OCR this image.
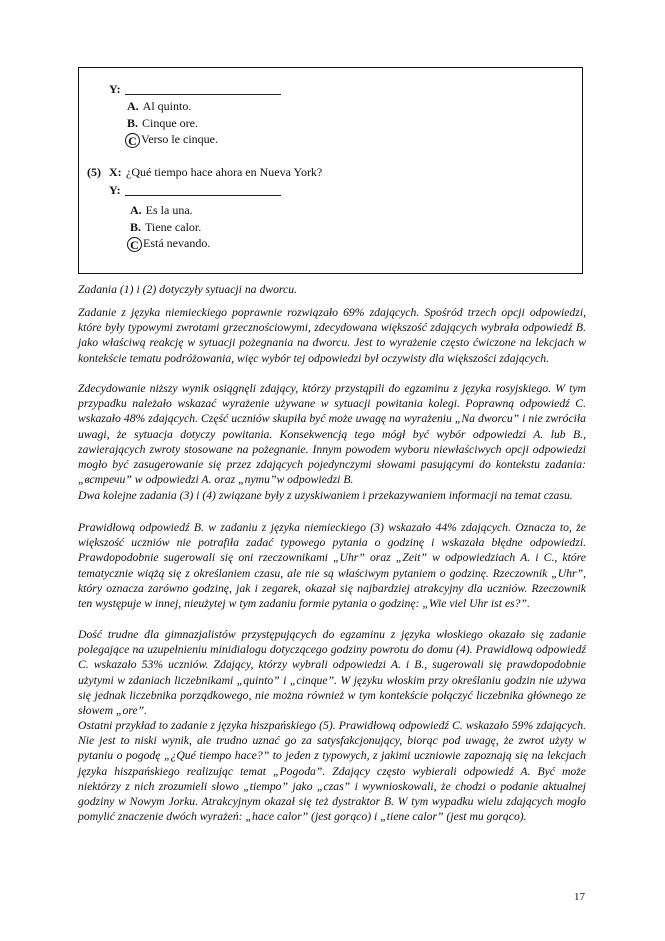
Y:
A. Al quinto.
B. Cinque ore.
C Verso le cinque.
(5) X: ¿Qué tiempo hace ahora en Nueva York?
Y:
A. Es la una.
B. Tiene calor.
C Está nevando.

Zadania (1) i (2) dotyczyły sytuacji na dworcu.

Zadanie z języka niemieckiego poprawnie rozwiązało 69% zdających. Spośród trzech opcji odpowiedzi, które były typowymi zwrotami grzecznościowymi, zdecydowana większość zdających wybrała odpowiedź B. jako właściwą reakcję w sytuacji pożegnania na dworcu. Jest to wyrażenie często ćwiczone na lekcjach w kontekście tematu podróżowania, więc wybór tej odpowiedzi był oczywisty dla większości zdających.

Zdecydowanie niższy wynik osiągnęli zdający, którzy przystąpili do egzaminu z języka rosyjskiego. W tym przypadku należało wskazać wyrażenie używane w sytuacji powitania kolegi. Poprawną odpowiedź C. wskazało 48% zdających. Część uczniów skupiła być może uwagę na wyrażeniu „Na dworcu” i nie zwróciła uwagi, że sytuacja dotyczy powitania. Konsekwencją tego mógł być wybór odpowiedzi A. lub B., zawierających zwroty stosowane na pożegnanie. Innym powodem wyboru niewłaściwych opcji odpowiedzi mogło być zasugerowanie się przez zdających pojedynczymi słowami pasującymi do kontekstu zadania: „встречи” w odpowiedzi A. oraz „пути”w odpowiedzi B.

Dwa kolejne zadania (3) i (4) związane były z uzyskiwaniem i przekazywaniem informacji na temat czasu.

Prawidłową odpowiedź B. w zadaniu z języka niemieckiego (3) wskazało 44% zdających. Oznacza to, że większość uczniów nie potrafiła zadać typowego pytania o godzinę i wskazała błędne odpowiedzi. Prawdopodobnie sugerowali się oni rzeczownikami „Uhr” oraz „Zeit” w odpowiedziach A. i C., które tematycznie wiążą się z określaniem czasu, ale nie są właściwym pytaniem o godzinę. Rzeczownik „Uhr”, który oznacza zarówno godzinę, jak i zegarek, okazał się najbardziej atrakcyjny dla uczniów. Rzeczownik ten występuje w innej, nieużytej w tym zadaniu formie pytania o godzinę: „Wie viel Uhr ist es?”.

Dość trudne dla gimnazjalistów przystępujących do egzaminu z języka włoskiego okazało się zadanie polegające na uzupełnieniu minidialogu dotyczącego godziny powrotu do domu (4). Prawidłową odpowiedź C. wskazało 53% uczniów. Zdający, którzy wybrali odpowiedzi A. i B., sugerowali się prawdopodobnie użytymi w zdaniach liczebnikami „quinto” i „cinque”. W języku włoskim przy określaniu godzin nie używa się jednak liczebnika porządkowego, nie można również w tym kontekście połączyć liczebnika głównego ze słowem „ore”.

Ostatni przykład to zadanie z języka hiszpańskiego (5). Prawidłową odpowiedź C. wskazało 59% zdających. Nie jest to niski wynik, ale trudno uznać go za satysfakcjonujący, biorąc pod uwagę, że zwrot użyty w pytaniu o pogodę „¿Qué tiempo hace?” to jeden z typowych, z jakimi uczniowie zapoznają się na lekcjach języka hiszpańskiego realizując temat „Pogoda”. Zdający często wybierali odpowiedź A. Być może niektórzy z nich zrozumieli słowo „tiempo” jako „czas” i wywnioskowali, że chodzi o podanie aktualnej godziny w Nowym Jorku. Atrakcyjnym okazał się też dystraktor B. W tym wypadku wielu zdających mogło pomylić znaczenie dwóch wyrażeń: „hace calor” (jest gorąco) i „tiene calor” (jest mu gorąco).

17
